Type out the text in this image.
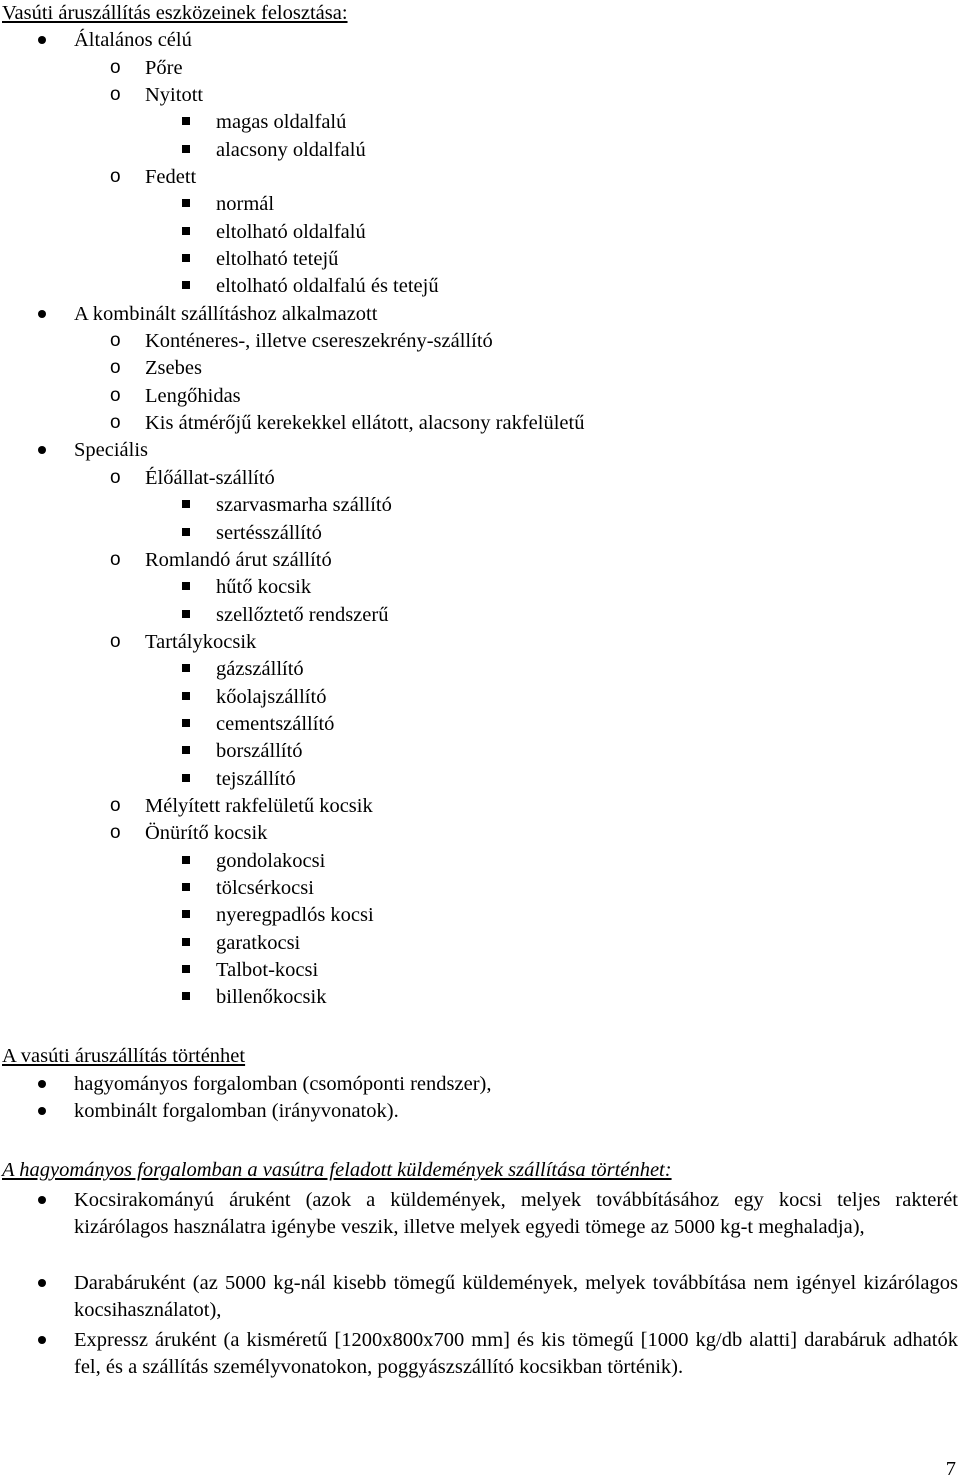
Vasúti áruszállítás eszközeinek felosztása:
Általános célú
o Pőre
o Nyitott
magas oldalfalú
alacsony oldalfalú
o Fedett
normál
eltolható oldalfalú
eltolható tetejű
eltolható oldalfalú és tetejű
A kombinált szállításhoz alkalmazott
o Konténeres-, illetve csereszekrény-szállító
o Zsebes
o Lengőhidas
o Kis átmérőjű kerekekkel ellátott, alacsony rakfelületű
Speciális
o Élőállat-szállító
szarvasmarha szállító
sertésszállító
o Romlandó árut szállító
hűtő kocsik
szellőztető rendszerű
o Tartálykocsik
gázszállító
kőolajszállító
cementszállító
borszállító
tejszállító
o Mélyített rakfelületű kocsik
o Önürítő kocsik
gondolakocsi
tölcsérkocsi
nyeregpadlós kocsi
garatkocsi
Talbot-kocsi
billenőkocsik
A vasúti áruszállítás történhet
hagyományos forgalomban (csomóponti rendszer),
kombinált forgalomban (irányvonatok).
A hagyományos forgalomban a vasútra feladott küldemények szállítása történhet:
Kocsirakományú áruként (azok a küldemények, melyek továbbításához egy kocsi teljes rakterét kizárólagos használatra igénybe veszik, illetve melyek egyedi tömege az 5000 kg-t meghaladja),
Darabáruként (az 5000 kg-nál kisebb tömegű küldemények, melyek továbbítása nem igényel kizárólagos kocsihasználatot),
Expressz áruként (a kisméretű [1200x800x700 mm] és kis tömegű [1000 kg/db alatti] darabáruk adhatók fel, és a szállítás személyvonatokon, poggyászszállító kocsikban történik).
7
